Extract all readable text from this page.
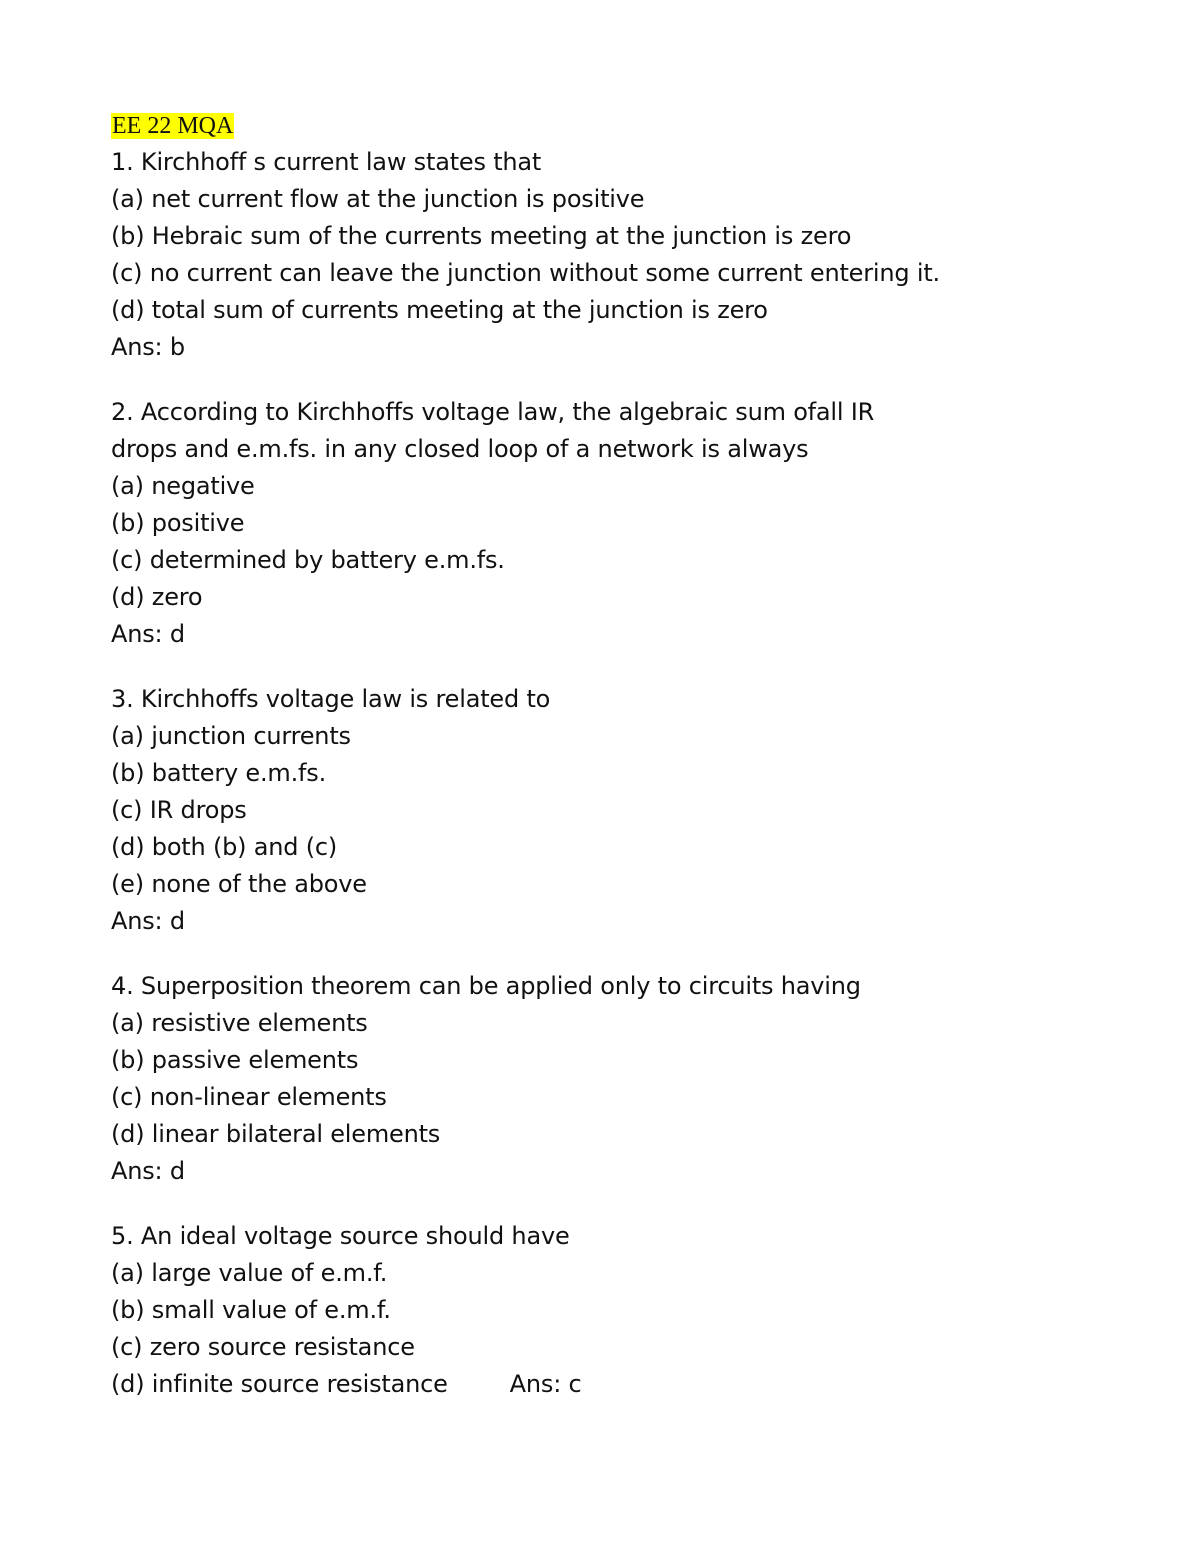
EE 22 MQA
1. Kirchhoff s current law states that
(a) net current flow at the junction is positive
(b) Hebraic sum of the currents meeting at the junction is zero
(c) no current can leave the junction without some current entering it.
(d) total sum of currents meeting at the junction is zero
Ans: b
2. According to Kirchhoffs voltage law, the algebraic sum ofall IR
drops and e.m.fs. in any closed loop of a network is always
(a) negative
(b) positive
(c) determined by battery e.m.fs.
(d) zero
Ans: d
3. Kirchhoffs voltage law is related to
(a) junction currents
(b) battery e.m.fs.
(c) IR drops
(d) both (b) and (c)
(e) none of the above
Ans: d
4. Superposition theorem can be applied only to circuits having
(a) resistive elements
(b) passive elements
(c) non-linear elements
(d) linear bilateral elements
Ans: d
5. An ideal voltage source should have
(a) large value of e.m.f.
(b) small value of e.m.f.
(c) zero source resistance
(d) infinite source resistance	Ans: c
